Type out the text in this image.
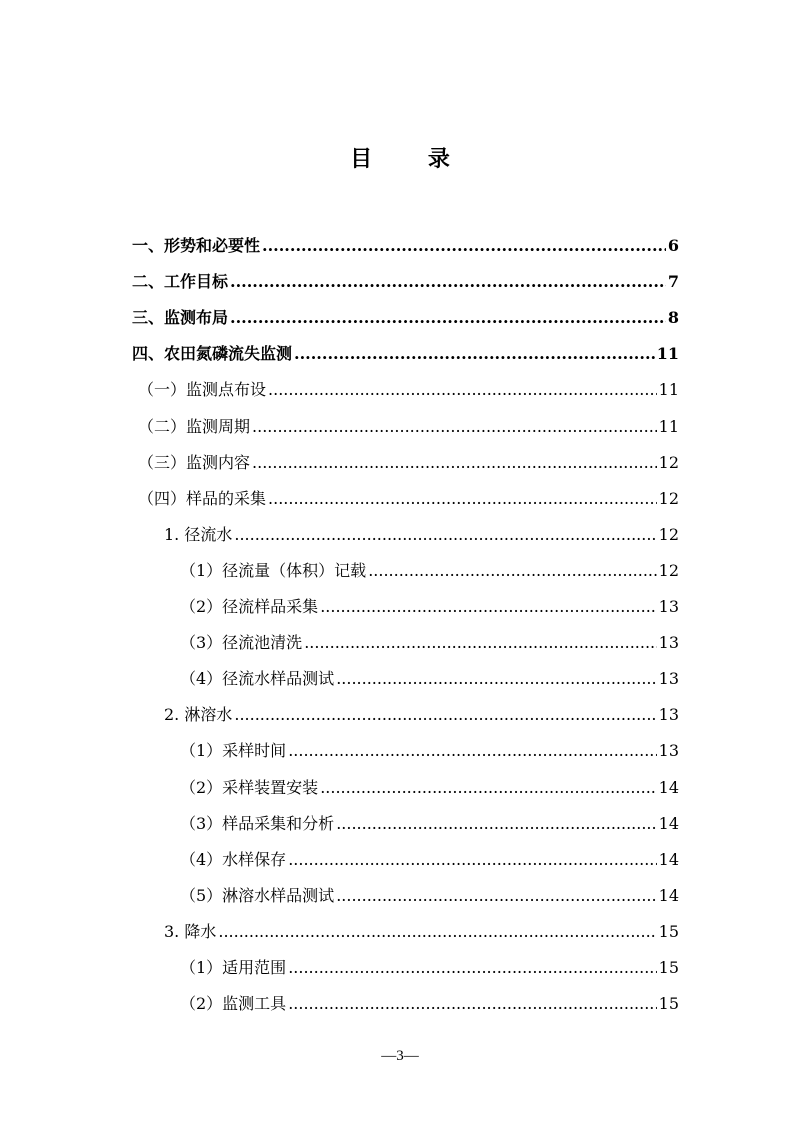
目 录
一、形势和必要性 .....	6
二、工作目标 .....	7
三、监测布局 .....	8
四、农田氮磷流失监测 .....	11
（一）监测点布设 .....	11
（二）监测周期 .....	11
（三）监测内容 .....	12
（四）样品的采集 .....	12
1. 径流水 .....	12
（1）径流量（体积）记载 .....	12
（2）径流样品采集 .....	13
（3）径流池清洗 .....	13
（4）径流水样品测试 .....	13
2. 淋溶水 .....	13
（1）采样时间 .....	13
（2）采样装置安装 .....	14
（3）样品采集和分析 .....	14
（4）水样保存 .....	14
（5）淋溶水样品测试 .....	14
3. 降水 .....	15
（1）适用范围 .....	15
（2）监测工具 .....	15
—3—
